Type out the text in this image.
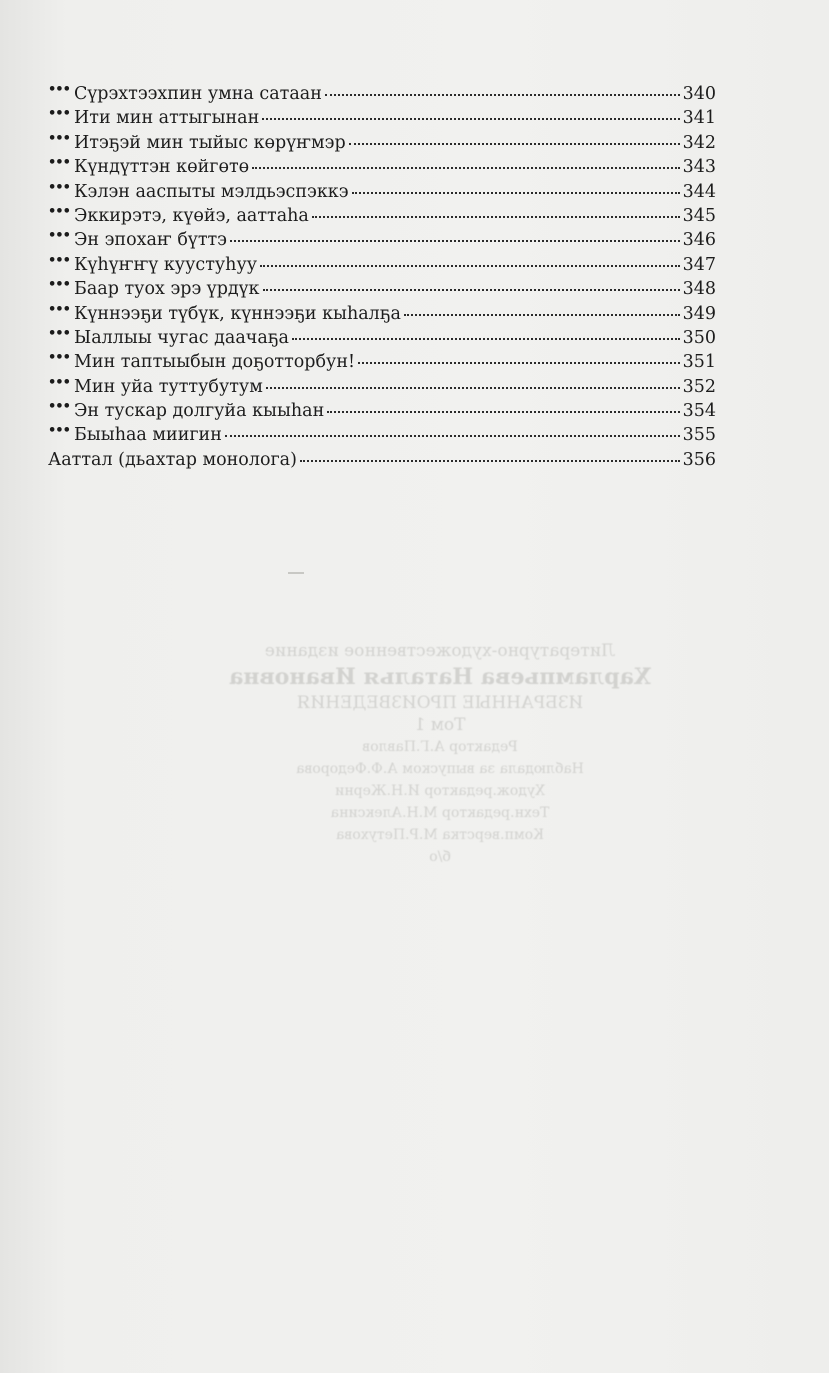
••• Сүрэхтээхпин умна сатаан	340
••• Ити мин аттыгынан	341
••• Итэҕэй мин тыйыс көрүҥмэр	342
••• Күндүттэн көйгөтө	343
••• Кэлэн ааспыты мэлдьэспэккэ	344
••• Эккирэтэ, күөйэ, ааттаһа	345
••• Эн эпохаҥ бүттэ	346
••• Күһүҥҥү куустуһуу	347
••• Баар туох эрэ үрдүк	348
••• Күннээҕи түбүк, күннээҕи кыһалҕа	349
••• Ыаллыы чугас даачаҕа	350
••• Мин таптыыбын доҕотторбун!	351
••• Мин уйа туттубутум	352
••• Эн тускар долгуйа кыыһан	354
••• Быыһаа миигин	355
Ааттал (дьахтар монолога)	356
Литературно-художественное издание
Харлампьева Наталья Ивановна
ИЗБРАННЫЕ ПРОИЗВЕДЕНИЯ
Том 1
Редактор А.Г.Павлов
Наблюдала за выпуском А.Ф.Федорова
Худож.редактор И.Н.Жерни
Техн.редактор М.Н.Алексина
Комп.верстка М.Р.Петухова
б/о
